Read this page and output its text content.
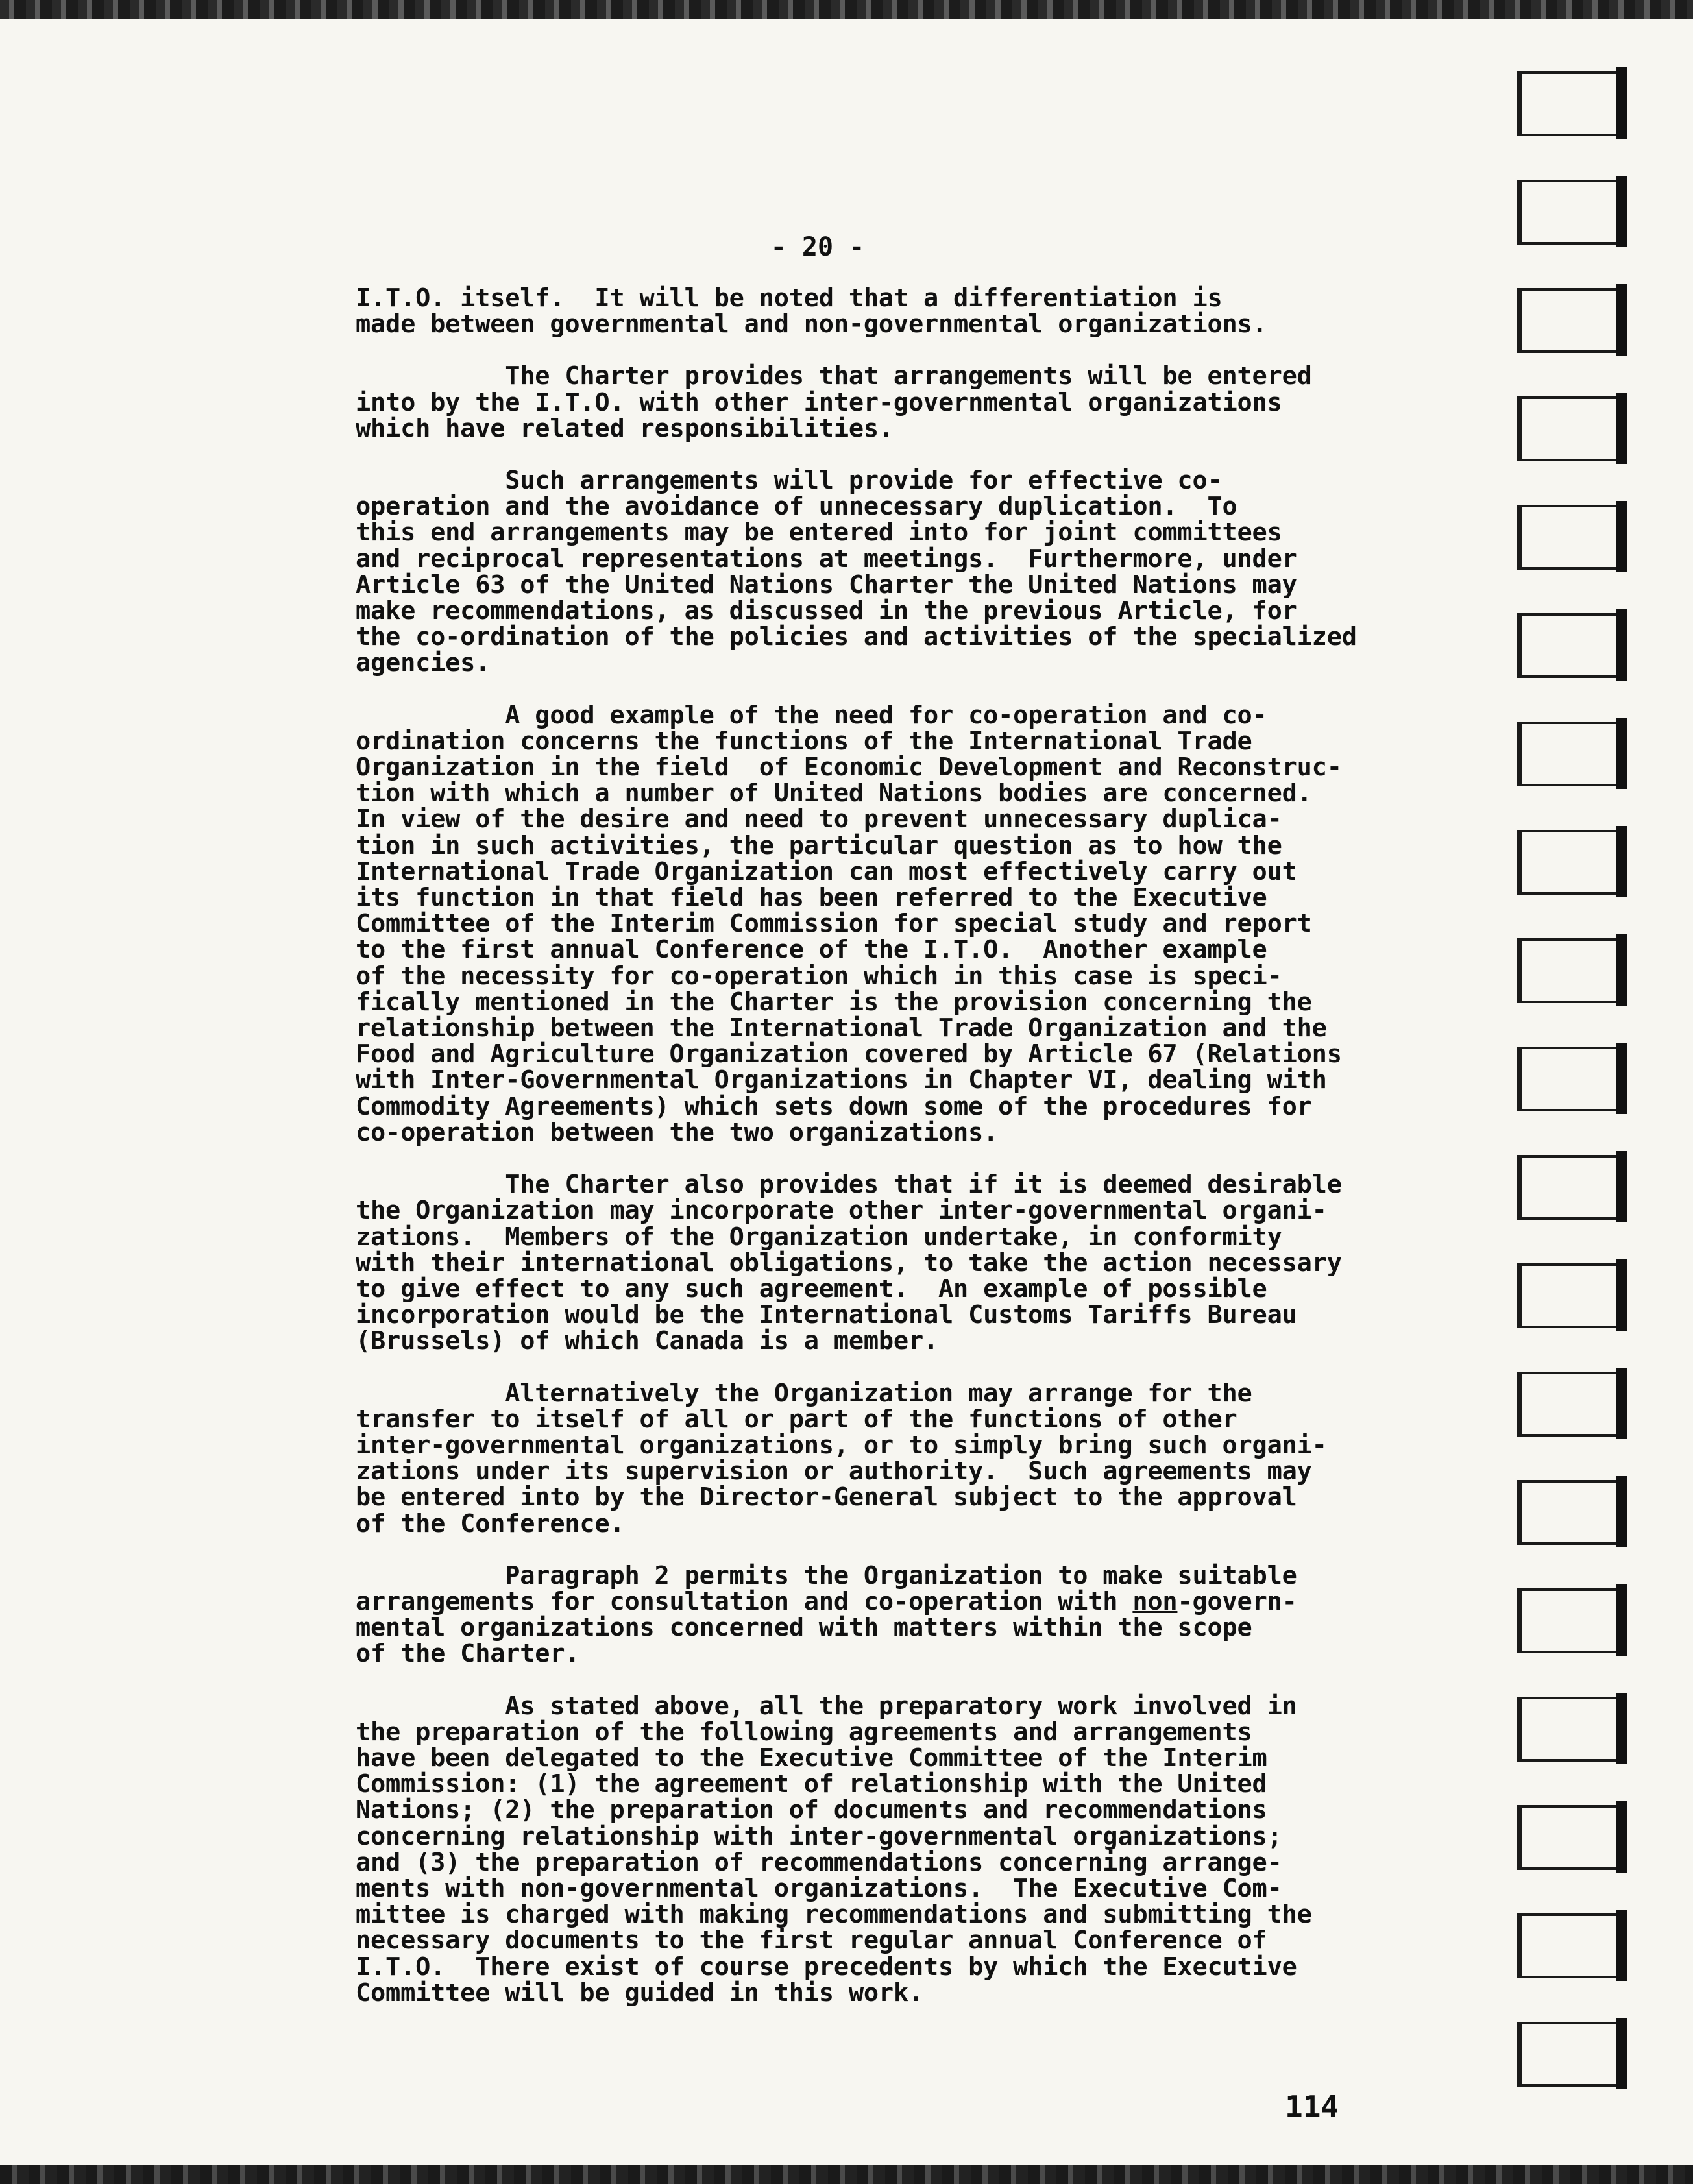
- 20 -
I.T.O. itself.  It will be noted that a differentiation is
made between governmental and non-governmental organizations.
The Charter provides that arrangements will be entered
into by the I.T.O. with other inter-governmental organizations
which have related responsibilities.
Such arrangements will provide for effective co-
operation and the avoidance of unnecessary duplication.  To
this end arrangements may be entered into for joint committees
and reciprocal representations at meetings.  Furthermore, under
Article 63 of the United Nations Charter the United Nations may
make recommendations, as discussed in the previous Article, for
the co-ordination of the policies and activities of the specialized
agencies.
A good example of the need for co-operation and co-
ordination concerns the functions of the International Trade
Organization in the field  of Economic Development and Reconstruc-
tion with which a number of United Nations bodies are concerned.
In view of the desire and need to prevent unnecessary duplica-
tion in such activities, the particular question as to how the
International Trade Organization can most effectively carry out
its function in that field has been referred to the Executive
Committee of the Interim Commission for special study and report
to the first annual Conference of the I.T.O.  Another example
of the necessity for co-operation which in this case is speci-
fically mentioned in the Charter is the provision concerning the
relationship between the International Trade Organization and the
Food and Agriculture Organization covered by Article 67 (Relations
with Inter-Governmental Organizations in Chapter VI, dealing with
Commodity Agreements) which sets down some of the procedures for
co-operation between the two organizations.
The Charter also provides that if it is deemed desirable
the Organization may incorporate other inter-governmental organi-
zations.  Members of the Organization undertake, in conformity
with their international obligations, to take the action necessary
to give effect to any such agreement.  An example of possible
incorporation would be the International Customs Tariffs Bureau
(Brussels) of which Canada is a member.
Alternatively the Organization may arrange for the
transfer to itself of all or part of the functions of other
inter-governmental organizations, or to simply bring such organi-
zations under its supervision or authority.  Such agreements may
be entered into by the Director-General subject to the approval
of the Conference.
Paragraph 2 permits the Organization to make suitable
arrangements for consultation and co-operation with non-govern-
mental organizations concerned with matters within the scope
of the Charter.
As stated above, all the preparatory work involved in
the preparation of the following agreements and arrangements
have been delegated to the Executive Committee of the Interim
Commission: (1) the agreement of relationship with the United
Nations; (2) the preparation of documents and recommendations
concerning relationship with inter-governmental organizations;
and (3) the preparation of recommendations concerning arrange-
ments with non-governmental organizations.  The Executive Com-
mittee is charged with making recommendations and submitting the
necessary documents to the first regular annual Conference of
I.T.O.  There exist of course precedents by which the Executive
Committee will be guided in this work.
114
